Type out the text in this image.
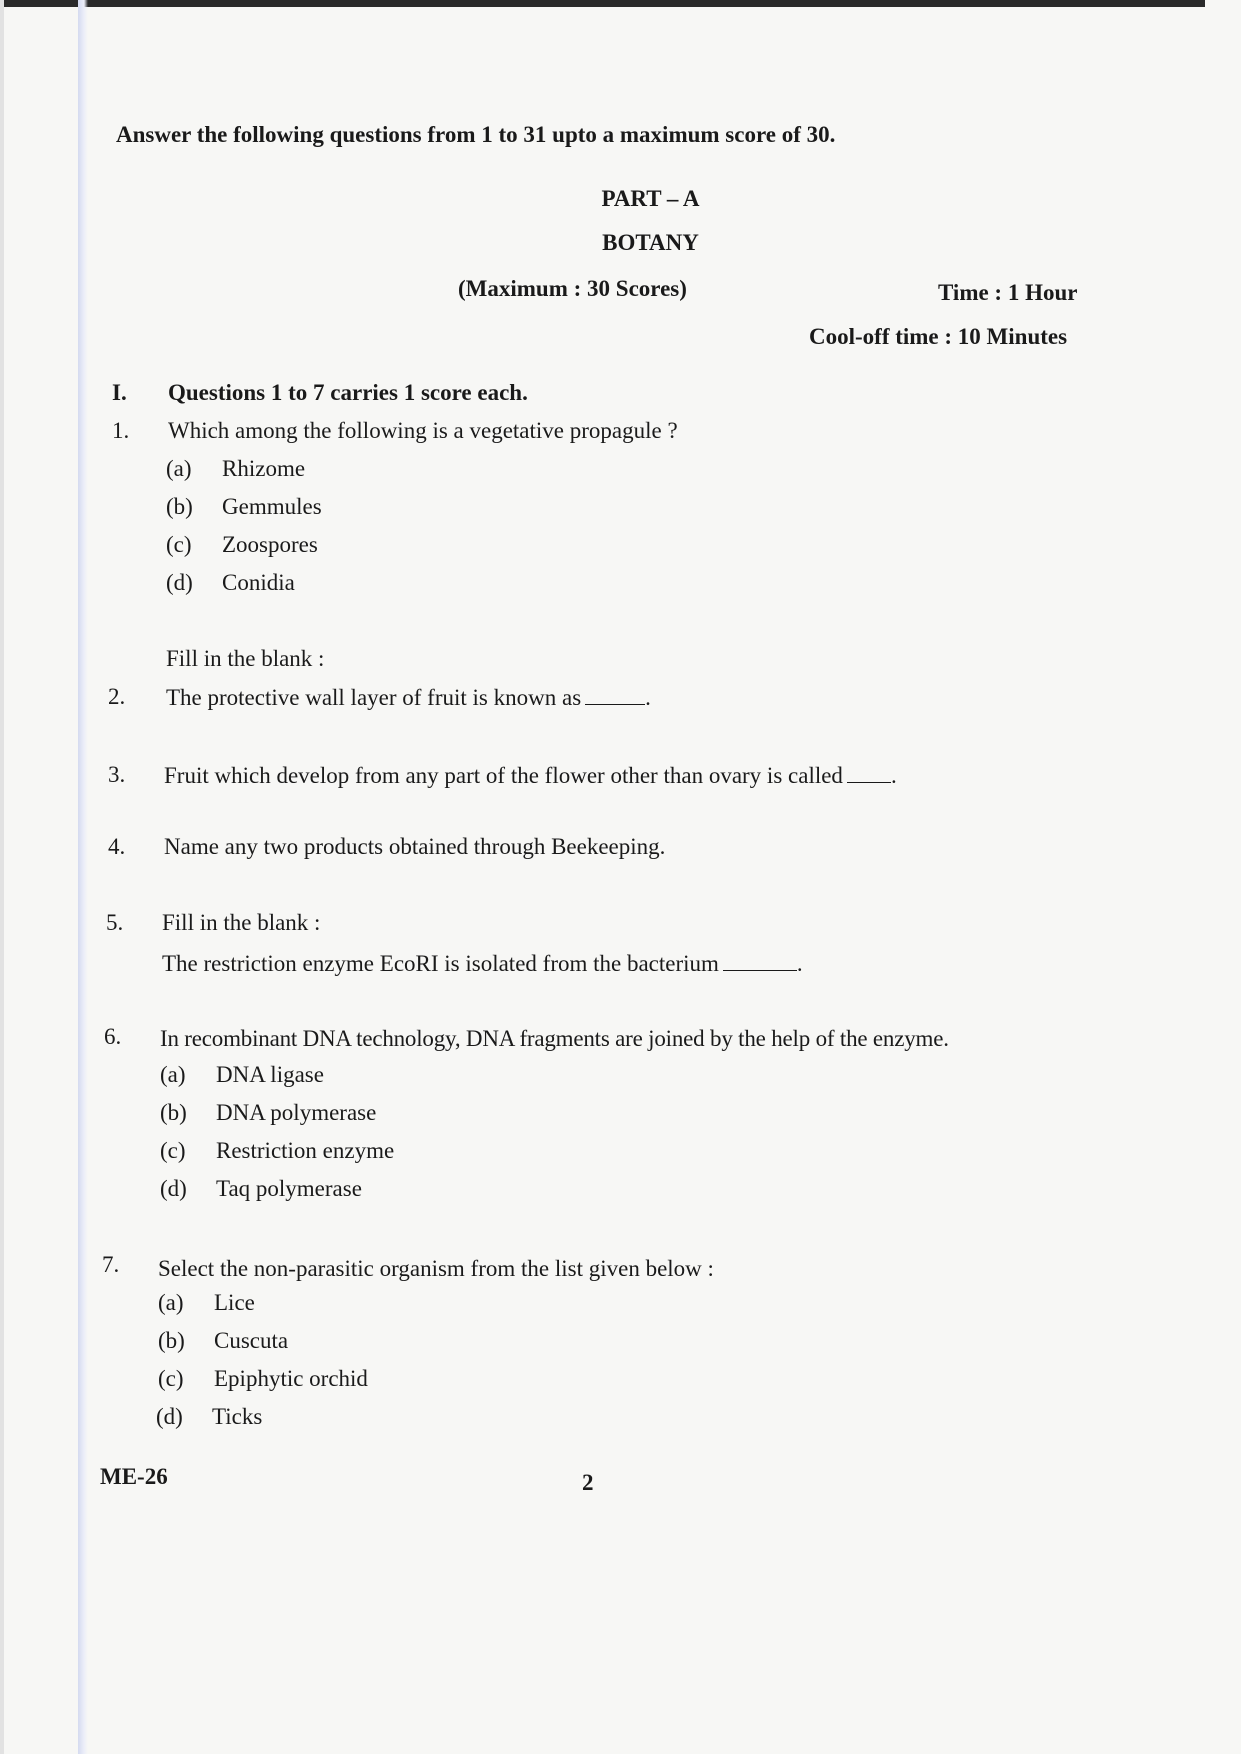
Answer the following questions from 1 to 31 upto a maximum score of 30.
PART – A
BOTANY
(Maximum : 30 Scores)	Time : 1 Hour
Cool-off time : 10 Minutes
I. Questions 1 to 7 carries 1 score each.
1. Which among the following is a vegetative propagule ?
(a) Rhizome
(b) Gemmules
(c) Zoospores
(d) Conidia
Fill in the blank :
2. The protective wall layer of fruit is known as	.
3. Fruit which develop from any part of the flower other than ovary is called .
4. Name any two products obtained through Beekeeping.
5. Fill in the blank :
The restriction enzyme EcoRI is isolated from the bacterium	.
6. In recombinant DNA technology, DNA fragments are joined by the help of the enzyme.
(a) DNA ligase
(b) DNA polymerase
(c) Restriction enzyme
(d) Taq polymerase
7. Select the non-parasitic organism from the list given below :
(a) Lice
(b) Cuscuta
(c) Epiphytic orchid
(d) Ticks
ME-26	2
